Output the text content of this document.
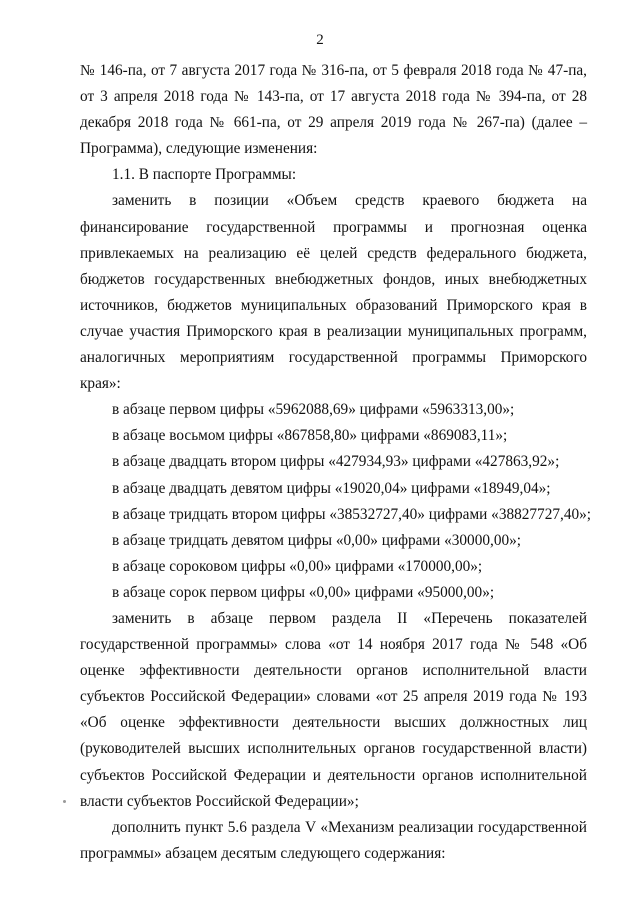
2

№ 146-па, от 7 августа 2017 года № 316-па, от 5 февраля 2018 года № 47-па, от 3 апреля 2018 года № 143-па, от 17 августа 2018 года № 394-па, от 28 декабря 2018 года № 661-па, от 29 апреля 2019 года № 267-па) (далее – Программа), следующие изменения:

1.1. В паспорте Программы:

заменить в позиции «Объем средств краевого бюджета на финансирование государственной программы и прогнозная оценка привлекаемых на реализацию её целей средств федерального бюджета, бюджетов государственных внебюджетных фондов, иных внебюджетных источников, бюджетов муниципальных образований Приморского края в случае участия Приморского края в реализации муниципальных программ, аналогичных мероприятиям государственной программы Приморского края»:

в абзаце первом цифры «5962088,69» цифрами «5963313,00»;

в абзаце восьмом цифры «867858,80» цифрами «869083,11»;

в абзаце двадцать втором цифры «427934,93» цифрами «427863,92»;

в абзаце двадцать девятом цифры «19020,04» цифрами «18949,04»;

в абзаце тридцать втором цифры «38532727,40» цифрами «38827727,40»;

в абзаце тридцать девятом цифры «0,00» цифрами «30000,00»;

в абзаце сороковом цифры «0,00» цифрами «170000,00»;

в абзаце сорок первом цифры «0,00» цифрами «95000,00»;

заменить в абзаце первом раздела II «Перечень показателей государственной программы» слова «от 14 ноября 2017 года № 548 «Об оценке эффективности деятельности органов исполнительной власти субъектов Российской Федерации» словами «от 25 апреля 2019 года № 193 «Об оценке эффективности деятельности высших должностных лиц (руководителей высших исполнительных органов государственной власти) субъектов Российской Федерации и деятельности органов исполнительной власти субъектов Российской Федерации»;

дополнить пункт 5.6 раздела V «Механизм реализации государственной программы» абзацем десятым следующего содержания:
